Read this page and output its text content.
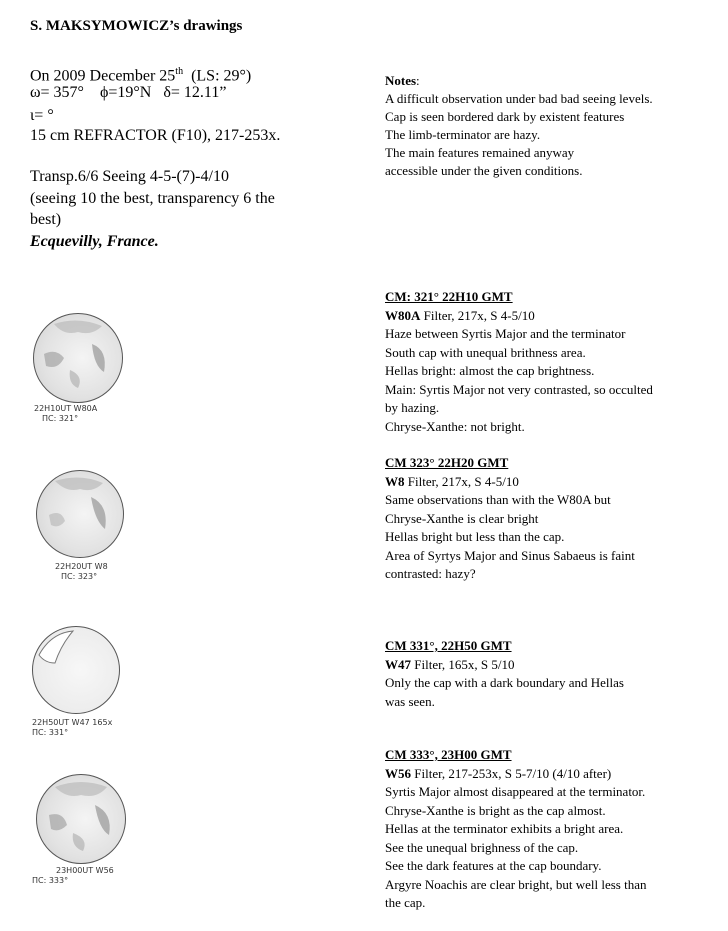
S. MAKSYMOWICZ’s drawings
On 2009 December 25th (LS: 29°)
ω= 357° ϕ=19°N δ= 12.11”
ι= °
15 cm REFRACTOR (F10), 217-253x.
Transp.6/6 Seeing 4-5-(7)-4/10
(seeing 10 the best, transparency 6 the
best)
Ecquevilly, France.
Notes:
A difficult observation under bad bad seeing levels.
Cap is seen bordered dark by existent features
The limb-terminator are hazy.
The main features remained anyway
accessible under the given conditions.
22H10UT W80A
ΠC: 321°
CM: 321° 22H10 GMT
W80A Filter, 217x, S 4-5/10
Haze between Syrtis Major and the terminator
South cap with unequal brithness area.
Hellas bright: almost the cap brightness.
Main: Syrtis Major not very contrasted, so occulted
by hazing.
Chryse-Xanthe: not bright.
22H20UT W8
ΠC: 323°
CM 323° 22H20 GMT
W8 Filter, 217x, S 4-5/10
Same observations than with the W80A but
Chryse-Xanthe is clear bright
Hellas bright but less than the cap.
Area of Syrtys Major and Sinus Sabaeus is faint
contrasted: hazy?
22H50UT W47 165x
ΠC: 331°
CM 331°, 22H50 GMT
W47 Filter, 165x, S 5/10
Only the cap with a dark boundary and Hellas
was seen.
23H00UT W56
ΠC: 333°
CM 333°, 23H00 GMT
W56 Filter, 217-253x, S 5-7/10 (4/10 after)
Syrtis Major almost disappeared at the terminator.
Chryse-Xanthe is bright as the cap almost.
Hellas at the terminator exhibits a bright area.
See the unequal brighness of the cap.
See the dark features at the cap boundary.
Argyre Noachis are clear bright, but well less than
the cap.
